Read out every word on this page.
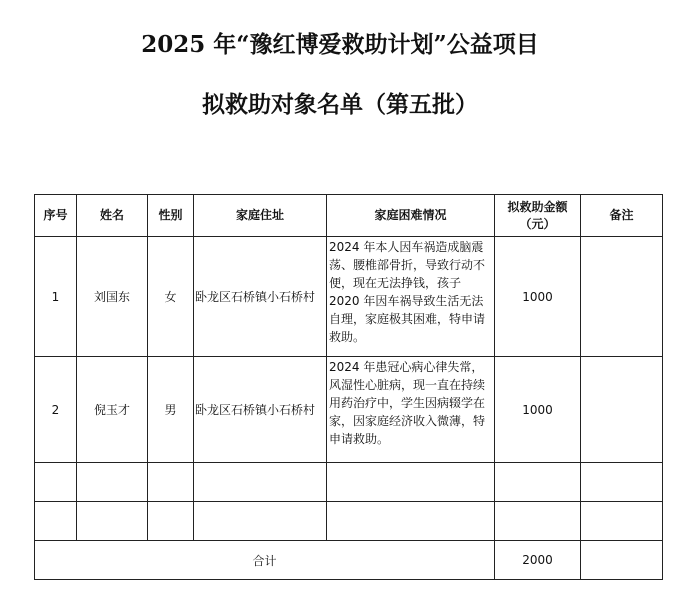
2025 年“豫红博爱救助计划”公益项目
拟救助对象名单（第五批）
序号	姓名	性别	家庭住址	家庭困难情况	拟救助金额（元）	备注
1	刘国东	女	卧龙区石桥镇小石桥村	2024 年本人因车祸造成脑震荡、腰椎部骨折，导致行动不便，现在无法挣钱，孩子 2020 年因车祸导致生活无法自理，家庭极其困难，特申请救助。	1000	
2	倪玉才	男	卧龙区石桥镇小石桥村	2024 年患冠心病心律失常，风湿性心脏病，现一直在持续用药治疗中，学生因病辍学在家，因家庭经济收入微薄，特申请救助。	1000	

合计					2000	
